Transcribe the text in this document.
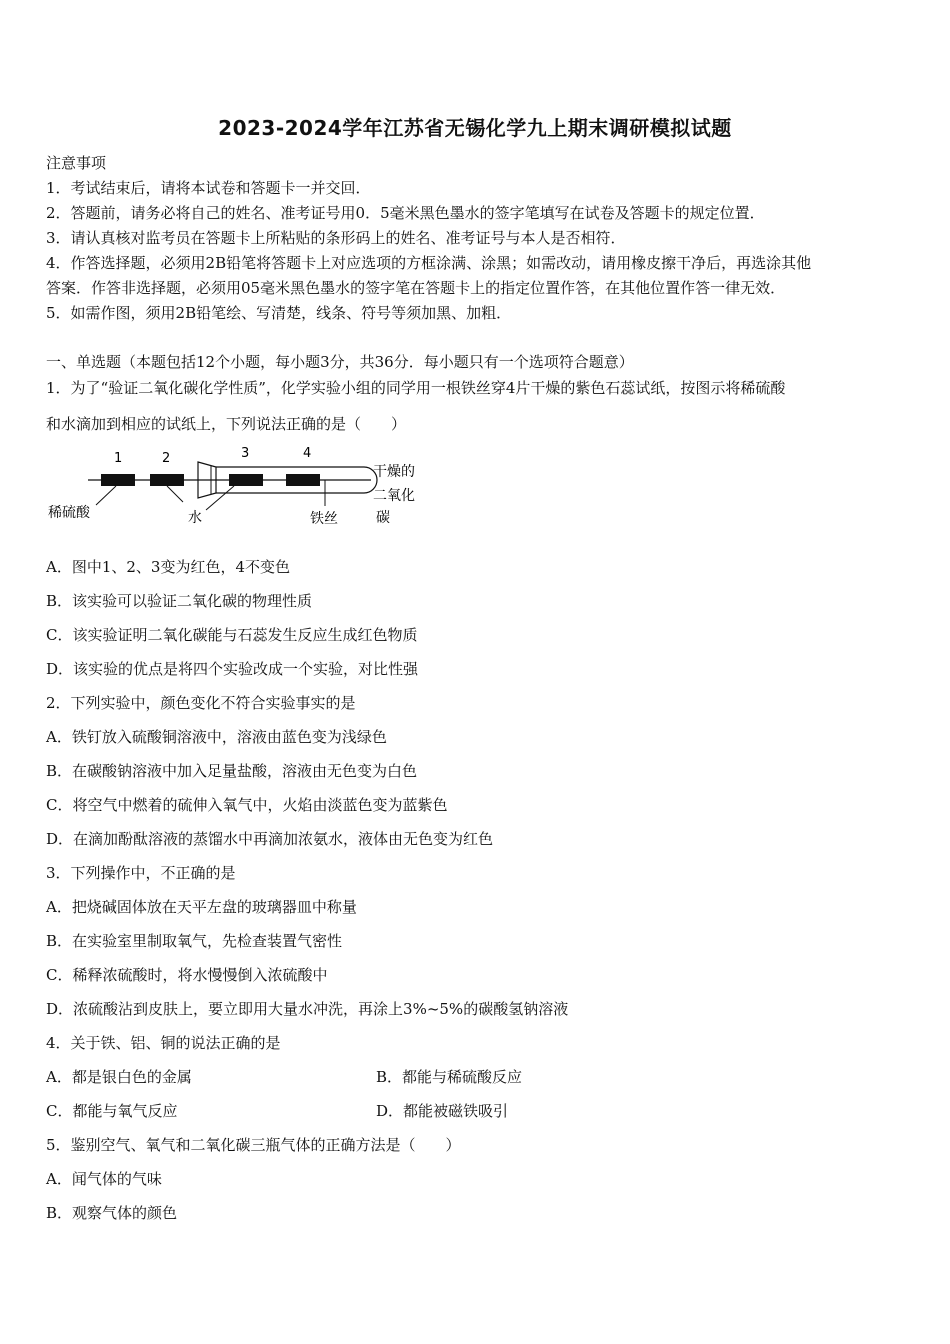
2023-2024学年江苏省无锡化学九上期末调研模拟试题
注意事项
1．考试结束后，请将本试卷和答题卡一并交回．
2．答题前，请务必将自己的姓名、准考证号用0．5毫米黑色墨水的签字笔填写在试卷及答题卡的规定位置．
3．请认真核对监考员在答题卡上所粘贴的条形码上的姓名、准考证号与本人是否相符．
4．作答选择题，必须用2B铅笔将答题卡上对应选项的方框涂满、涂黑；如需改动，请用橡皮擦干净后，再选涂其他
答案．作答非选择题，必须用05毫米黑色墨水的签字笔在答题卡上的指定位置作答，在其他位置作答一律无效．
5．如需作图，须用2B铅笔绘、写清楚，线条、符号等须加黑、加粗．
一、单选题（本题包括12个小题，每小题3分，共36分．每小题只有一个选项符合题意）
1．为了“验证二氧化碳化学性质”，化学实验小组的同学用一根铁丝穿4片干燥的紫色石蕊试纸，按图示将稀硫酸
和水滴加到相应的试纸上，下列说法正确的是（　　）
1	2	3	4
稀硫酸	水	铁丝
干燥的
二氧化
碳
A．图中1、2、3变为红色，4不变色
B．该实验可以验证二氧化碳的物理性质
C．该实验证明二氧化碳能与石蕊发生反应生成红色物质
D．该实验的优点是将四个实验改成一个实验，对比性强
2．下列实验中，颜色变化不符合实验事实的是
A．铁钉放入硫酸铜溶液中，溶液由蓝色变为浅绿色
B．在碳酸钠溶液中加入足量盐酸，溶液由无色变为白色
C．将空气中燃着的硫伸入氧气中，火焰由淡蓝色变为蓝紫色
D．在滴加酚酞溶液的蒸馏水中再滴加浓氨水，液体由无色变为红色
3．下列操作中，不正确的是
A．把烧碱固体放在天平左盘的玻璃器皿中称量
B．在实验室里制取氧气，先检查装置气密性
C．稀释浓硫酸时，将水慢慢倒入浓硫酸中
D．浓硫酸沾到皮肤上，要立即用大量水冲洗，再涂上3%~5%的碳酸氢钠溶液
4．关于铁、铝、铜的说法正确的是
A．都是银白色的金属	B．都能与稀硫酸反应
C．都能与氧气反应	D．都能被磁铁吸引
5．鉴别空气、氧气和二氧化碳三瓶气体的正确方法是（　　）
A．闻气体的气味
B．观察气体的颜色
